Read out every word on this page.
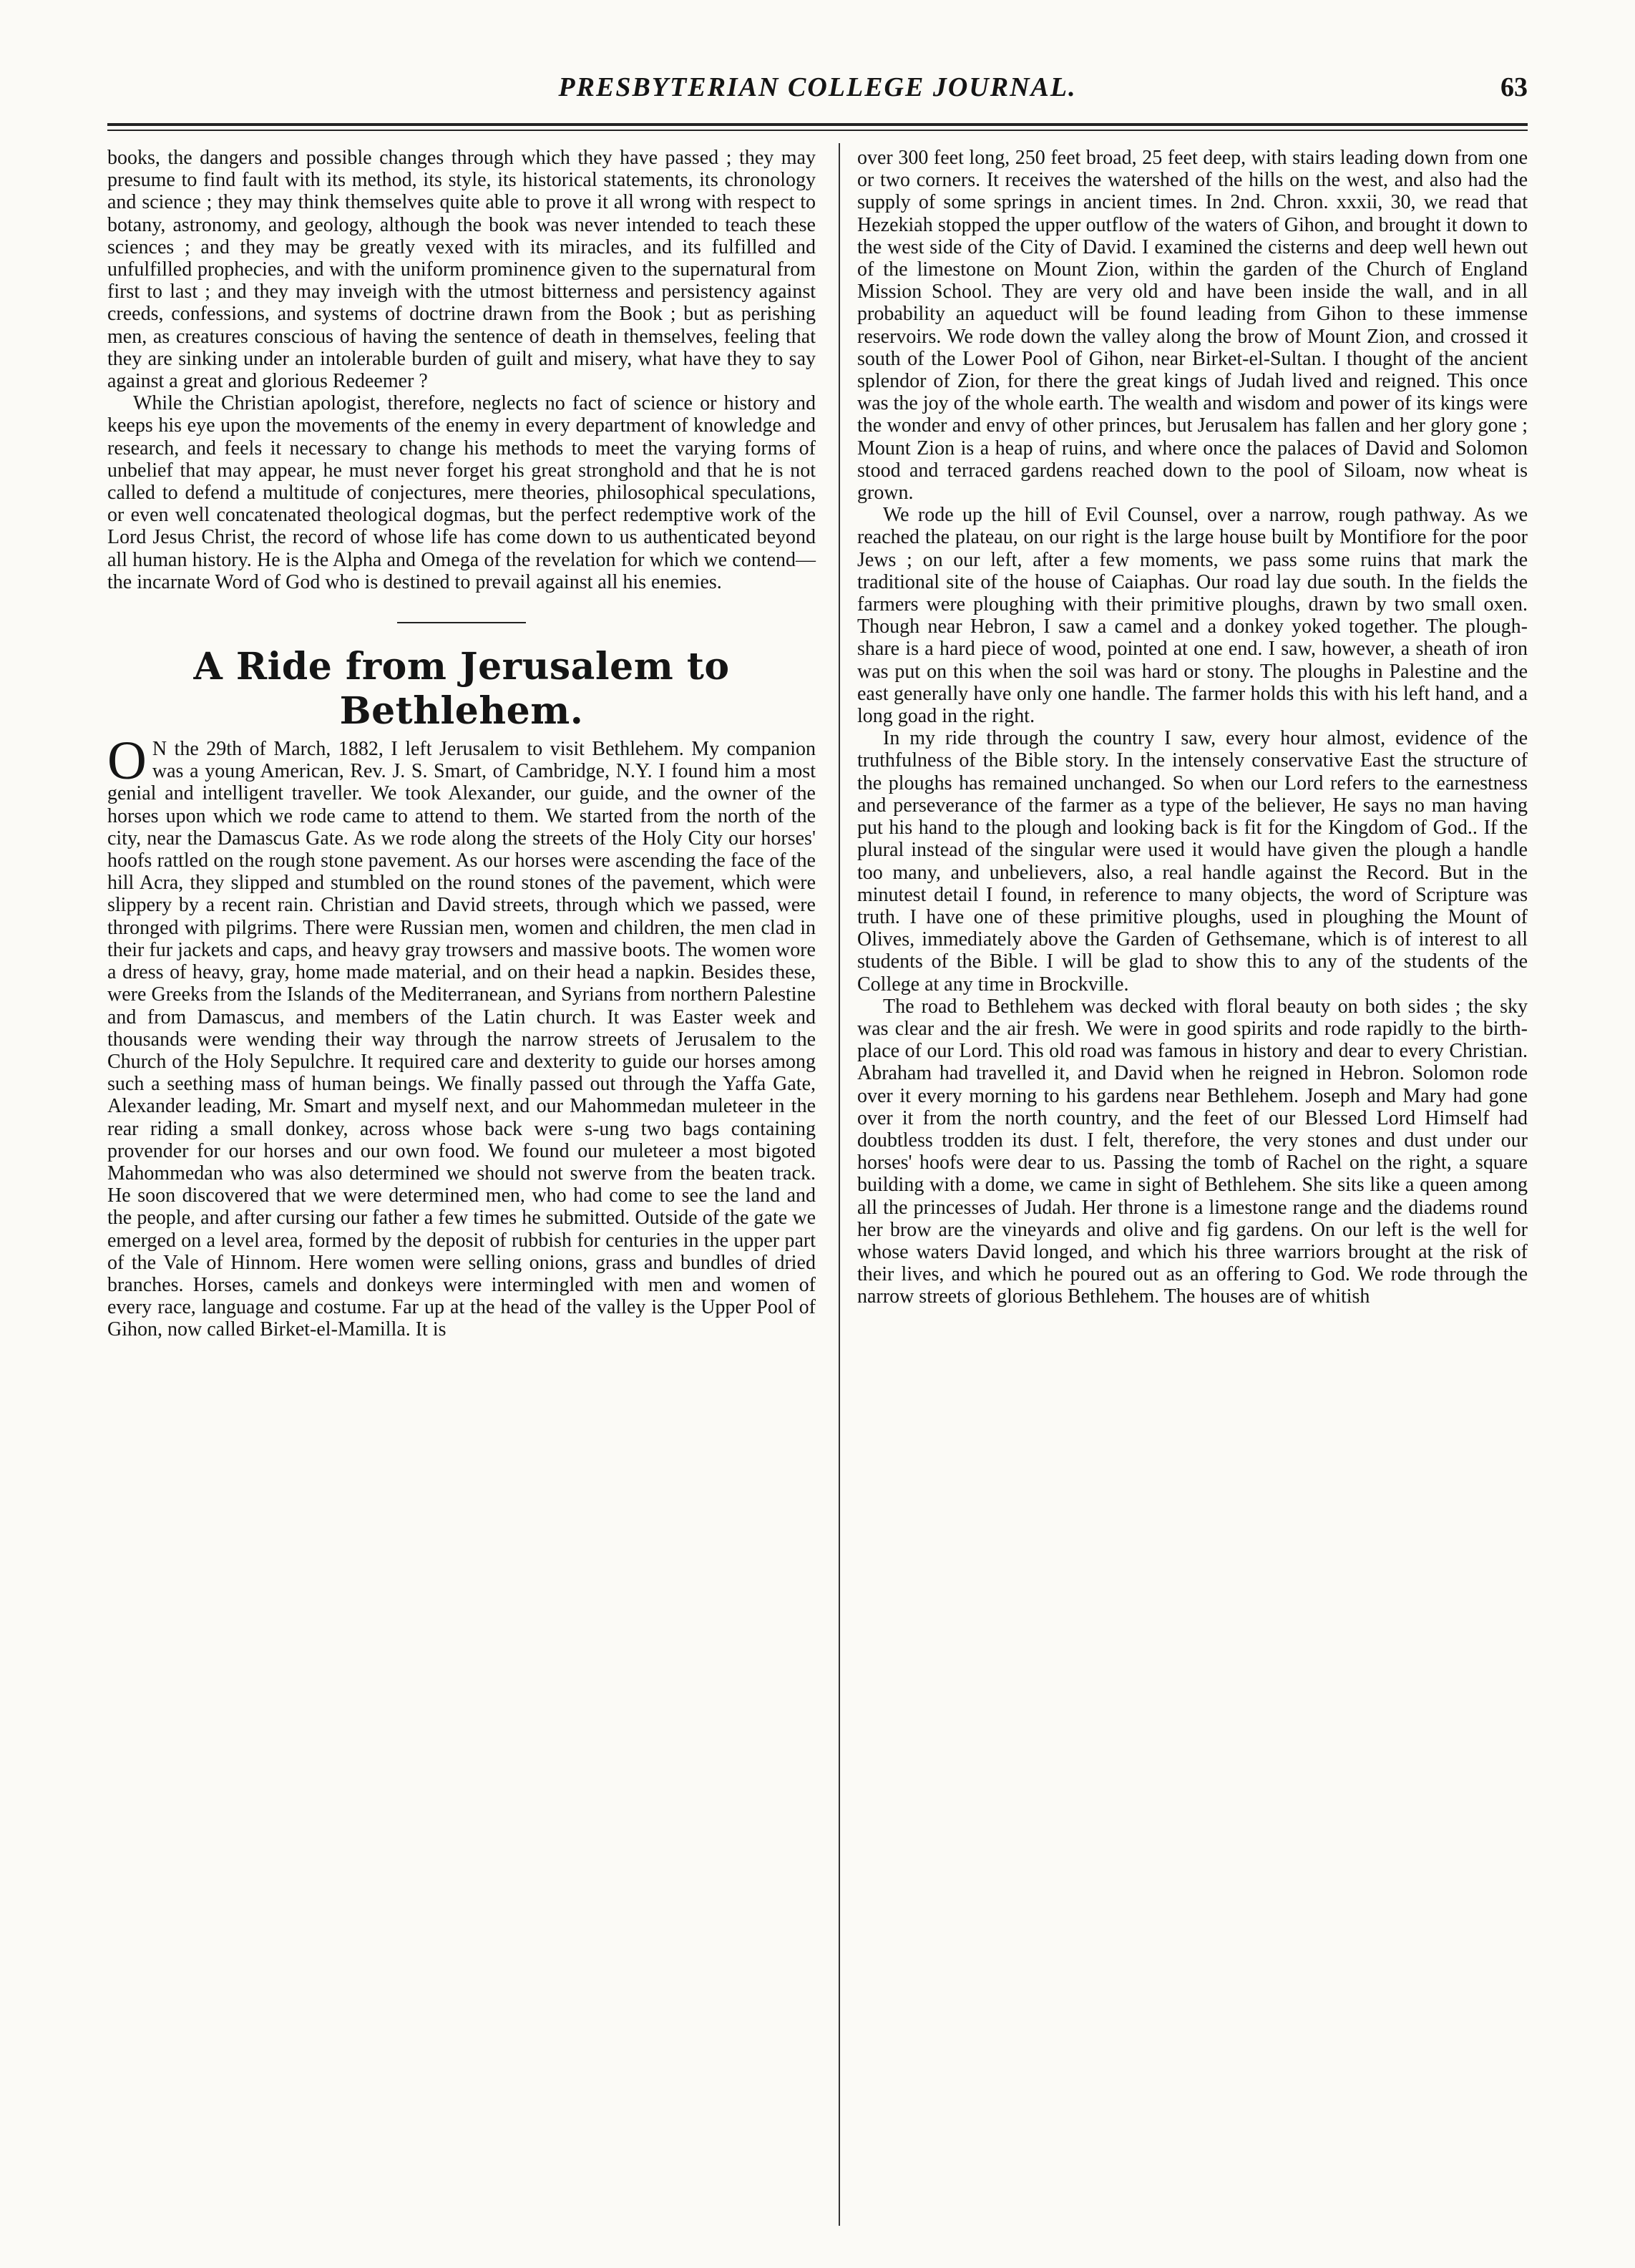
PRESBYTERIAN COLLEGE JOURNAL.	63

books, the dangers and possible changes through which they have passed ; they may presume to find fault with its method, its style, its historical statements, its chronology and science ; they may think themselves quite able to prove it all wrong with respect to botany, astronomy, and geology, although the book was never intended to teach these sciences ; and they may be greatly vexed with its miracles, and its fulfilled and unfulfilled prophecies, and with the uniform prominence given to the supernatural from first to last ; and they may inveigh with the utmost bitterness and persistency against creeds, confessions, and systems of doctrine drawn from the Book ; but as perishing men, as creatures conscious of having the sentence of death in themselves, feeling that they are sinking under an intolerable burden of guilt and misery, what have they to say against a great and glorious Redeemer ?

While the Christian apologist, therefore, neglects no fact of science or history and keeps his eye upon the movements of the enemy in every department of knowledge and research, and feels it necessary to change his methods to meet the varying forms of unbelief that may appear, he must never forget his great stronghold and that he is not called to defend a multitude of conjectures, mere theories, philosophical speculations, or even well concatenated theological dogmas, but the perfect redemptive work of the Lord Jesus Christ, the record of whose life has come down to us authenticated beyond all human history. He is the Alpha and Omega of the revelation for which we contend—the incarnate Word of God who is destined to prevail against all his enemies.

A Ride from Jerusalem to Bethlehem.

O N the 29th of March, 1882, I left Jerusalem to visit Bethlehem. My companion was a young American, Rev. J. S. Smart, of Cambridge, N.Y. I found him a most genial and intelligent traveller. We took Alexander, our guide, and the owner of the horses upon which we rode came to attend to them. We started from the north of the city, near the Damascus Gate. As we rode along the streets of the Holy City our horses' hoofs rattled on the rough stone pavement. As our horses were ascending the face of the hill Acra, they slipped and stumbled on the round stones of the pavement, which were slippery by a recent rain. Christian and David streets, through which we passed, were thronged with pilgrims. There were Russian men, women and children, the men clad in their fur jackets and caps, and heavy gray trowsers and massive boots. The women wore a dress of heavy, gray, home made material, and on their head a napkin. Besides these, were Greeks from the Islands of the Mediterranean, and Syrians from northern Palestine and from Damascus, and members of the Latin church. It was Easter week and thousands were wending their way through the narrow streets of Jerusalem to the Church of the Holy Sepulchre. It required care and dexterity to guide our horses among such a seething mass of human beings. We finally passed out through the Yaffa Gate, Alexander leading, Mr. Smart and myself next, and our Mahommedan muleteer in the rear riding a small donkey, across whose back were s-ung two bags containing provender for our horses and our own food. We found our muleteer a most bigoted Mahommedan who was also determined we should not swerve from the beaten track. He soon discovered that we were determined men, who had come to see the land and the people, and after cursing our father a few times he submitted. Outside of the gate we emerged on a level area, formed by the deposit of rubbish for centuries in the upper part of the Vale of Hinnom. Here women were selling onions, grass and bundles of dried branches. Horses, camels and donkeys were intermingled with men and women of every race, language and costume. Far up at the head of the valley is the Upper Pool of Gihon, now called Birket-el-Mamilla. It is

over 300 feet long, 250 feet broad, 25 feet deep, with stairs leading down from one or two corners. It receives the watershed of the hills on the west, and also had the supply of some springs in ancient times. In 2nd. Chron. xxxii, 30, we read that Hezekiah stopped the upper outflow of the waters of Gihon, and brought it down to the west side of the City of David. I examined the cisterns and deep well hewn out of the limestone on Mount Zion, within the garden of the Church of England Mission School. They are very old and have been inside the wall, and in all probability an aqueduct will be found leading from Gihon to these immense reservoirs. We rode down the valley along the brow of Mount Zion, and crossed it south of the Lower Pool of Gihon, near Birket-el-Sultan. I thought of the ancient splendor of Zion, for there the great kings of Judah lived and reigned. This once was the joy of the whole earth. The wealth and wisdom and power of its kings were the wonder and envy of other princes, but Jerusalem has fallen and her glory gone ; Mount Zion is a heap of ruins, and where once the palaces of David and Solomon stood and terraced gardens reached down to the pool of Siloam, now wheat is grown.

We rode up the hill of Evil Counsel, over a narrow, rough pathway. As we reached the plateau, on our right is the large house built by Montifiore for the poor Jews ; on our left, after a few moments, we pass some ruins that mark the traditional site of the house of Caiaphas. Our road lay due south. In the fields the farmers were ploughing with their primitive ploughs, drawn by two small oxen. Though near Hebron, I saw a camel and a donkey yoked together. The plough-share is a hard piece of wood, pointed at one end. I saw, however, a sheath of iron was put on this when the soil was hard or stony. The ploughs in Palestine and the east generally have only one handle. The farmer holds this with his left hand, and a long goad in the right.

In my ride through the country I saw, every hour almost, evidence of the truthfulness of the Bible story. In the intensely conservative East the structure of the ploughs has remained unchanged. So when our Lord refers to the earnestness and perseverance of the farmer as a type of the believer, He says no man having put his hand to the plough and looking back is fit for the Kingdom of God.. If the plural instead of the singular were used it would have given the plough a handle too many, and unbelievers, also, a real handle against the Record. But in the minutest detail I found, in reference to many objects, the word of Scripture was truth. I have one of these primitive ploughs, used in ploughing the Mount of Olives, immediately above the Garden of Gethsemane, which is of interest to all students of the Bible. I will be glad to show this to any of the students of the College at any time in Brockville.

The road to Bethlehem was decked with floral beauty on both sides ; the sky was clear and the air fresh. We were in good spirits and rode rapidly to the birth-place of our Lord. This old road was famous in history and dear to every Christian. Abraham had travelled it, and David when he reigned in Hebron. Solomon rode over it every morning to his gardens near Bethlehem. Joseph and Mary had gone over it from the north country, and the feet of our Blessed Lord Himself had doubtless trodden its dust. I felt, therefore, the very stones and dust under our horses' hoofs were dear to us. Passing the tomb of Rachel on the right, a square building with a dome, we came in sight of Bethlehem. She sits like a queen among all the princesses of Judah. Her throne is a limestone range and the diadems round her brow are the vineyards and olive and fig gardens. On our left is the well for whose waters David longed, and which his three warriors brought at the risk of their lives, and which he poured out as an offering to God. We rode through the narrow streets of glorious Bethlehem. The houses are of whitish
